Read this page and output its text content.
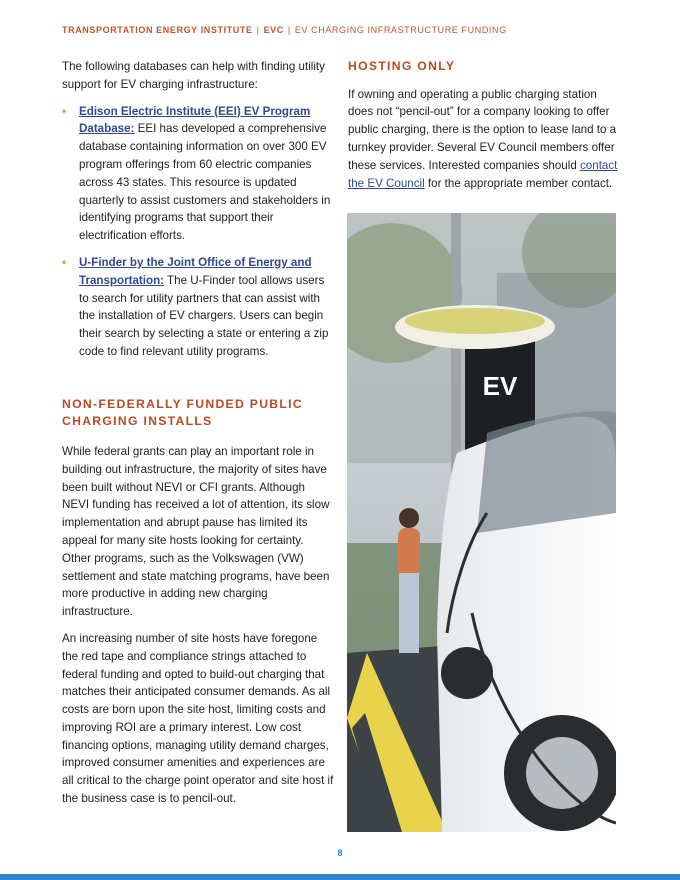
TRANSPORTATION ENERGY INSTITUTE | EVC | EV CHARGING INFRASTRUCTURE FUNDING

The following databases can help with finding utility support for EV charging infrastructure:

• Edison Electric Institute (EEI) EV Program Database: EEI has developed a comprehensive database containing information on over 300 EV program offerings from 60 electric companies across 43 states. This resource is updated quarterly to assist customers and stakeholders in identifying programs that support their electrification efforts.
• U-Finder by the Joint Office of Energy and Transportation: The U-Finder tool allows users to search for utility partners that can assist with the installation of EV chargers. Users can begin their search by selecting a state or entering a zip code to find relevant utility programs.
NON-FEDERALLY FUNDED PUBLIC CHARGING INSTALLS

While federal grants can play an important role in building out infrastructure, the majority of sites have been built without NEVI or CFI grants. Although NEVI funding has received a lot of attention, its slow implementation and abrupt pause has limited its appeal for many site hosts looking for certainty. Other programs, such as the Volkswagen (VW) settlement and state matching programs, have been more productive in adding new charging infrastructure.

An increasing number of site hosts have foregone the red tape and compliance strings attached to federal funding and opted to build-out charging that matches their anticipated consumer demands. As all costs are born upon the site host, limiting costs and improving ROI are a primary interest. Low cost financing options, managing utility demand charges, improved consumer amenities and experiences are all critical to the charge point operator and site host if the business case is to pencil-out.

HOSTING ONLY

If owning and operating a public charging station does not “pencil-out” for a company looking to offer public charging, there is the option to lease land to a turnkey provider. Several EV Council members offer these services. Interested companies should contact the EV Council for the appropriate member contact.

EV
8
